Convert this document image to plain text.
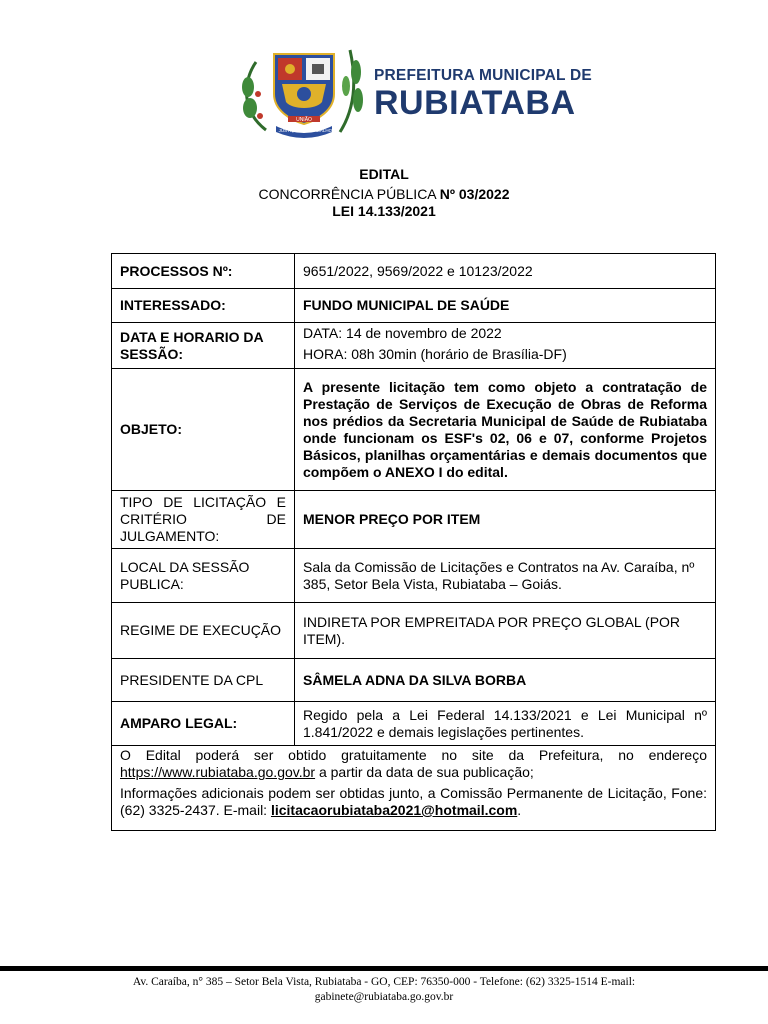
UNIÃO
JUSTIÇA TRABALHO
PREFEITURA MUNICIPAL DE
RUBIATABA
EDITAL
CONCORRÊNCIA PÚBLICA Nº 03/2022
LEI 14.133/2021
PROCESSOS Nº:	9651/2022, 9569/2022 e 10123/2022
INTERESSADO:	FUNDO MUNICIPAL DE SAÚDE
DATA E HORARIO DA SESSÃO:	DATA: 14 de novembro de 2022
HORA: 08h 30min (horário de Brasília-DF)

OBJETO:	A presente licitação tem como objeto a contratação de Prestação de Serviços de Execução de Obras de Reforma nos prédios da Secretaria Municipal de Saúde de Rubiataba onde funcionam os ESF's 02, 06 e 07, conforme Projetos Básicos, planilhas orçamentárias e demais documentos que compõem o ANEXO I do edital.
TIPO DE LICITAÇÃO E CRITÉRIO DE JULGAMENTO:	MENOR PREÇO POR ITEM
LOCAL DA SESSÃO PUBLICA:	Sala da Comissão de Licitações e Contratos na Av. Caraíba, nº 385, Setor Bela Vista, Rubiataba – Goiás.
REGIME DE EXECUÇÃO	INDIRETA POR EMPREITADA POR PREÇO GLOBAL (POR ITEM).
PRESIDENTE DA CPL	SÂMELA ADNA DA SILVA BORBA
AMPARO LEGAL:	Regido pela a Lei Federal 14.133/2021 e Lei Municipal nº 1.841/2022 e demais legislações pertinentes.

O Edital poderá ser obtido gratuitamente no site da Prefeitura, no endereço https://www.rubiataba.go.gov.br a partir da data de sua publicação;
Informações adicionais podem ser obtidas junto, a Comissão Permanente de Licitação, Fone: (62) 3325-2437. E-mail: licitacaorubiataba2021@hotmail.com.	
Av. Caraíba, n° 385 – Setor Bela Vista, Rubiataba - GO, CEP: 76350-000 - Telefone: (62) 3325-1514 E-mail:
gabinete@rubiataba.go.gov.br
